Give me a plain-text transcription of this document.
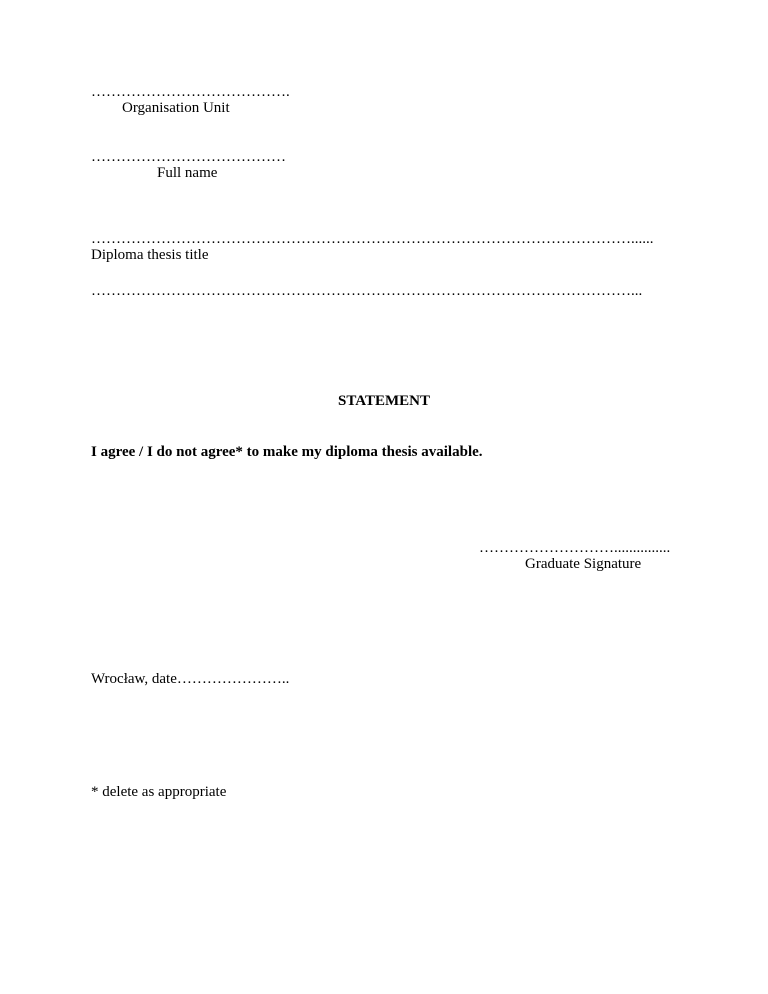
………………………………….
Organisation Unit
…………………………………
Full name
………………………………………………………………………………………………......
Diploma thesis title
………………………………………………………………………………………………...
STATEMENT
I agree / I do not agree* to make my diploma thesis available.
………………………...............
Graduate Signature
Wrocław, date…………………..
* delete as appropriate
